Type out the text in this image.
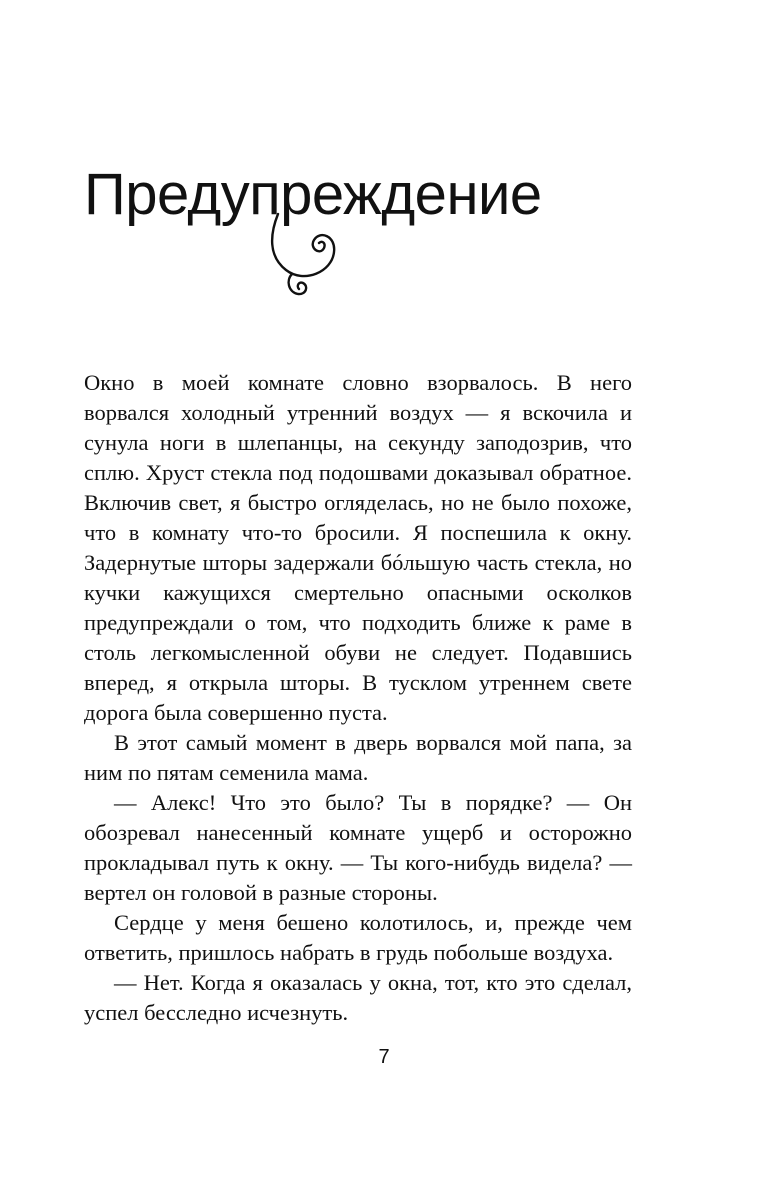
Предупреждение

Окно в моей комнате словно взорвалось. В него ворвался холодный утренний воздух — я вскочила и сунула ноги в шлепанцы, на секунду заподозрив, что сплю. Хруст стекла под подошвами доказывал обратное. Включив свет, я быстро огляделась, но не было похоже, что в комнату что-то бросили. Я поспешила к окну. Задернутые шторы задержали бóльшую часть стекла, но кучки кажущихся смертельно опасными осколков предупреждали о том, что подходить ближе к раме в столь легкомысленной обуви не следует. Подавшись вперед, я открыла шторы. В тусклом утреннем свете дорога была совершенно пуста.

В этот самый момент в дверь ворвался мой папа, за ним по пятам семенила мама.

— Алекс! Что это было? Ты в порядке? — Он обозревал нанесенный комнате ущерб и осторожно прокладывал путь к окну. — Ты кого-нибудь видела? — вертел он головой в разные стороны.

Сердце у меня бешено колотилось, и, прежде чем ответить, пришлось набрать в грудь побольше воздуха.

— Нет. Когда я оказалась у окна, тот, кто это сделал, успел бесследно исчезнуть.

7
